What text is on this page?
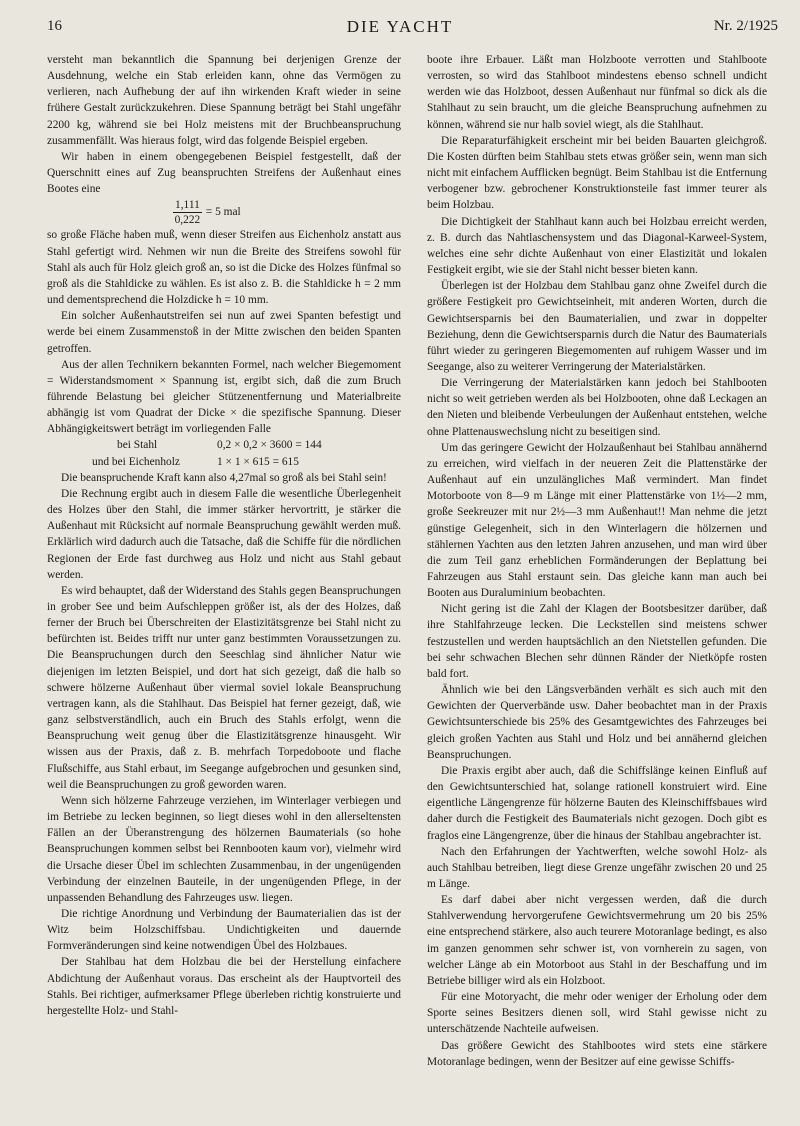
16	DIE YACHT	Nr. 2/1925

versteht man bekanntlich die Spannung bei derjenigen Grenze der Ausdehnung, welche ein Stab erleiden kann, ohne das Vermögen zu verlieren, nach Aufhebung der auf ihn wirkenden Kraft wieder in seine frühere Gestalt zurückzukehren. Diese Spannung beträgt bei Stahl ungefähr 2200 kg, während sie bei Holz meistens mit der Bruchbeanspruchung zusammenfällt. Was hieraus folgt, wird das folgende Beispiel ergeben.

Wir haben in einem obengegebenen Beispiel festgestellt, daß der Querschnitt eines auf Zug beanspruchten Streifens der Außenhaut eines Bootes eine

$\frac{1,111}{0,222} = 5$ mal

so große Fläche haben muß, wenn dieser Streifen aus Eichenholz anstatt aus Stahl gefertigt wird. Nehmen wir nun die Breite des Streifens sowohl für Stahl als auch für Holz gleich groß an, so ist die Dicke des Holzes fünfmal so groß als die Stahldicke zu wählen. Es ist also z. B. die Stahldicke h = 2 mm und dementsprechend die Holzdicke h = 10 mm.

Ein solcher Außenhautstreifen sei nun auf zwei Spanten befestigt und werde bei einem Zusammenstoß in der Mitte zwischen den beiden Spanten getroffen.

Aus der allen Technikern bekannten Formel, nach welcher Biegemoment = Widerstandsmoment × Spannung ist, ergibt sich, daß die zum Bruch führende Belastung bei gleicher Stützenentfernung und Materialbreite abhängig ist vom Quadrat der Dicke × die spezifische Spannung. Dieser Abhängigkeitswert beträgt im vorliegenden Falle

bei Stahl	0,2 × 0,2 × 3600 = 144
und bei Eichenholz	1 × 1 × 615 = 615

Die beanspruchende Kraft kann also 4,27mal so groß als bei Stahl sein!

Die Rechnung ergibt auch in diesem Falle die wesentliche Überlegenheit des Holzes über den Stahl, die immer stärker hervortritt, je stärker die Außenhaut mit Rücksicht auf normale Beanspruchung gewählt werden muß. Erklärlich wird dadurch auch die Tatsache, daß die Schiffe für die nördlichen Regionen der Erde fast durchweg aus Holz und nicht aus Stahl gebaut werden.

Es wird behauptet, daß der Widerstand des Stahls gegen Beanspruchungen in grober See und beim Aufschleppen größer ist, als der des Holzes, daß ferner der Bruch bei Überschreiten der Elastizitätsgrenze bei Stahl nicht zu befürchten ist. Beides trifft nur unter ganz bestimmten Voraussetzungen zu. Die Beanspruchungen durch den Seeschlag sind ähnlicher Natur wie diejenigen im letzten Beispiel, und dort hat sich gezeigt, daß die halb so schwere hölzerne Außenhaut über viermal soviel lokale Beanspruchung vertragen kann, als die Stahlhaut. Das Beispiel hat ferner gezeigt, daß, wie ganz selbstverständlich, auch ein Bruch des Stahls erfolgt, wenn die Beanspruchung weit genug über die Elastizitätsgrenze hinausgeht. Wir wissen aus der Praxis, daß z. B. mehrfach Torpedoboote und flache Flußschiffe, aus Stahl erbaut, im Seegange aufgebrochen und gesunken sind, weil die Beanspruchungen zu groß geworden waren.

Wenn sich hölzerne Fahrzeuge verziehen, im Winterlager verbiegen und im Betriebe zu lecken beginnen, so liegt dieses wohl in den allerseltensten Fällen an der Überanstrengung des hölzernen Baumaterials (so hohe Beanspruchungen kommen selbst bei Rennbooten kaum vor), vielmehr wird die Ursache dieser Übel im schlechten Zusammenbau, in der ungenügenden Verbindung der einzelnen Bauteile, in der ungenügenden Pflege, in der unpassenden Behandlung des Fahrzeuges usw. liegen.

Die richtige Anordnung und Verbindung der Baumaterialien das ist der Witz beim Holzschiffsbau. Undichtigkeiten und dauernde Formveränderungen sind keine notwendigen Übel des Holzbaues.

Der Stahlbau hat dem Holzbau die bei der Herstellung einfachere Abdichtung der Außenhaut voraus. Das erscheint als der Hauptvorteil des Stahls. Bei richtiger, aufmerksamer Pflege überleben richtig konstruierte und hergestellte Holz- und Stahl-

boote ihre Erbauer. Läßt man Holzboote verrotten und Stahlboote verrosten, so wird das Stahlboot mindestens ebenso schnell undicht werden wie das Holzboot, dessen Außenhaut nur fünfmal so dick als die Stahlhaut zu sein braucht, um die gleiche Beanspruchung aufnehmen zu können, während sie nur halb soviel wiegt, als die Stahlhaut.

Die Reparaturfähigkeit erscheint mir bei beiden Bauarten gleichgroß. Die Kosten dürften beim Stahlbau stets etwas größer sein, wenn man sich nicht mit einfachem Aufflicken begnügt. Beim Stahlbau ist die Entfernung verbogener bzw. gebrochener Konstruktionsteile fast immer teurer als beim Holzbau.

Die Dichtigkeit der Stahlhaut kann auch bei Holzbau erreicht werden, z. B. durch das Nahtlaschensystem und das Diagonal-Karweel-System, welches eine sehr dichte Außenhaut von einer Elastizität und lokalen Festigkeit ergibt, wie sie der Stahl nicht besser bieten kann.

Überlegen ist der Holzbau dem Stahlbau ganz ohne Zweifel durch die größere Festigkeit pro Gewichtseinheit, mit anderen Worten, durch die Gewichtsersparnis bei den Baumaterialien, und zwar in doppelter Beziehung, denn die Gewichtsersparnis durch die Natur des Baumaterials führt wieder zu geringeren Biegemomenten auf ruhigem Wasser und im Seegange, also zu weiterer Verringerung der Materialstärken.

Die Verringerung der Materialstärken kann jedoch bei Stahlbooten nicht so weit getrieben werden als bei Holzbooten, ohne daß Leckagen an den Nieten und bleibende Verbeulungen der Außenhaut entstehen, welche ohne Plattenauswechslung nicht zu beseitigen sind.

Um das geringere Gewicht der Holzaußenhaut bei Stahlbau annähernd zu erreichen, wird vielfach in der neueren Zeit die Plattenstärke der Außenhaut auf ein unzulängliches Maß vermindert. Man findet Motorboote von 8—9 m Länge mit einer Plattenstärke von 1½—2 mm, große Seekreuzer mit nur 2½—3 mm Außenhaut!! Man nehme die jetzt günstige Gelegenheit, sich in den Winterlagern die hölzernen und stählernen Yachten aus den letzten Jahren anzusehen, und man wird über die zum Teil ganz erheblichen Formänderungen der Beplattung bei Fahrzeugen aus Stahl erstaunt sein. Das gleiche kann man auch bei Booten aus Duraluminium beobachten.

Nicht gering ist die Zahl der Klagen der Bootsbesitzer darüber, daß ihre Stahlfahrzeuge lecken. Die Leckstellen sind meistens schwer festzustellen und werden hauptsächlich an den Nietstellen gefunden. Die bei sehr schwachen Blechen sehr dünnen Ränder der Nietköpfe rosten bald fort.

Ähnlich wie bei den Längsverbänden verhält es sich auch mit den Gewichten der Querverbände usw. Daher beobachtet man in der Praxis Gewichtsunterschiede bis 25% des Gesamtgewichtes des Fahrzeuges bei gleich großen Yachten aus Stahl und Holz und bei annähernd gleichen Beanspruchungen.

Die Praxis ergibt aber auch, daß die Schiffslänge keinen Einfluß auf den Gewichtsunterschied hat, solange rationell konstruiert wird. Eine eigentliche Längengrenze für hölzerne Bauten des Kleinschiffsbaues wird daher durch die Festigkeit des Baumaterials nicht gezogen. Doch gibt es fraglos eine Längengrenze, über die hinaus der Stahlbau angebrachter ist.

Nach den Erfahrungen der Yachtwerften, welche sowohl Holz- als auch Stahlbau betreiben, liegt diese Grenze ungefähr zwischen 20 und 25 m Länge.

Es darf dabei aber nicht vergessen werden, daß die durch Stahlverwendung hervorgerufene Gewichtsvermehrung um 20 bis 25% eine entsprechend stärkere, also auch teurere Motoranlage bedingt, es also im ganzen genommen sehr schwer ist, von vornherein zu sagen, von welcher Länge ab ein Motorboot aus Stahl in der Beschaffung und im Betriebe billiger wird als ein Holzboot.

Für eine Motoryacht, die mehr oder weniger der Erholung oder dem Sporte seines Besitzers dienen soll, wird Stahl gewisse nicht zu unterschätzende Nachteile aufweisen.

Das größere Gewicht des Stahlbootes wird stets eine stärkere Motoranlage bedingen, wenn der Besitzer auf eine gewisse Schiffs-
